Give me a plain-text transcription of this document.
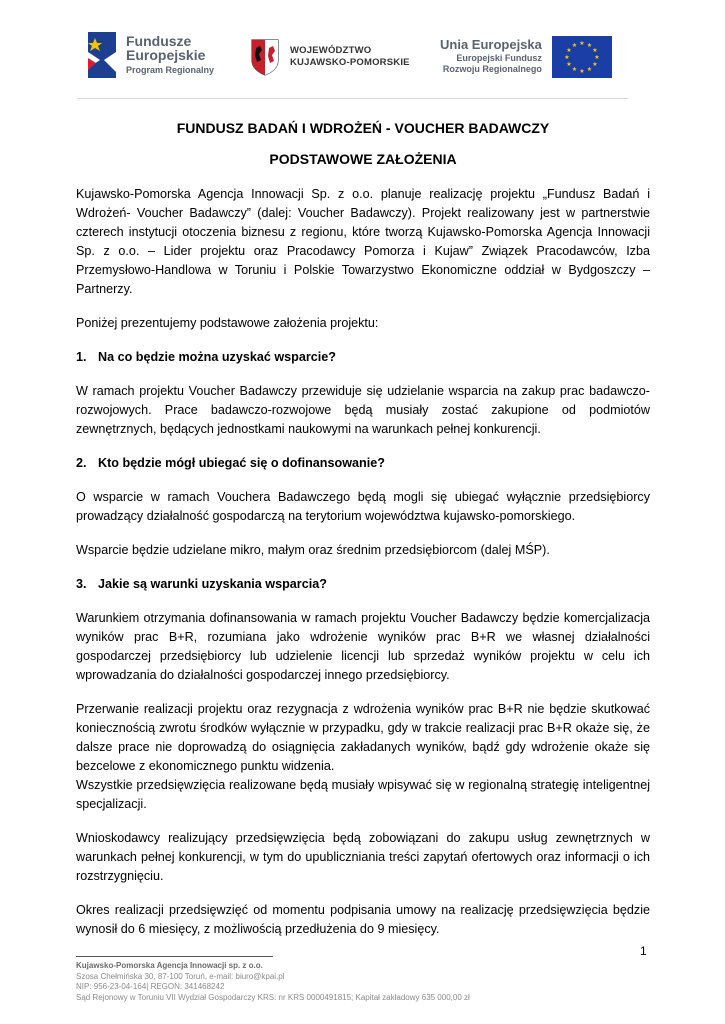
Fundusze
Europejskie
Program Regionalny
WOJEWÓDZTWO
KUJAWSKO-POMORSKIE
Unia Europejska
Europejski Fundusz
Rozwoju Regionalnego
★ ★
★
★
★
★
★
★
★
★
★
★
FUNDUSZ BADAŃ I WDROŻEŃ - VOUCHER BADAWCZY
PODSTAWOWE ZAŁOŻENIA

Kujawsko-Pomorska Agencja Innowacji Sp. z o.o. planuje realizację projektu „Fundusz Badań i Wdrożeń- Voucher Badawczy” (dalej: Voucher Badawczy). Projekt realizowany jest w partnerstwie czterech instytucji otoczenia biznesu z regionu, które tworzą Kujawsko-Pomorska Agencja Innowacji Sp. z o.o. – Lider projektu oraz Pracodawcy Pomorza i Kujaw” Związek Pracodawców, Izba Przemysłowo-Handlowa w Toruniu i Polskie Towarzystwo Ekonomiczne oddział w Bydgoszczy – Partnerzy.

Poniżej prezentujemy podstawowe założenia projektu:

1. Na co będzie można uzyskać wsparcie?

W ramach projektu Voucher Badawczy przewiduje się udzielanie wsparcia na zakup prac badawczo-rozwojowych. Prace badawczo-rozwojowe będą musiały zostać zakupione od podmiotów zewnętrznych, będących jednostkami naukowymi na warunkach pełnej konkurencji.

2. Kto będzie mógł ubiegać się o dofinansowanie?

O wsparcie w ramach Vouchera Badawczego będą mogli się ubiegać wyłącznie przedsiębiorcy prowadzący działalność gospodarczą na terytorium województwa kujawsko-pomorskiego.

Wsparcie będzie udzielane mikro, małym oraz średnim przedsiębiorcom (dalej MŚP).

3. Jakie są warunki uzyskania wsparcia?

Warunkiem otrzymania dofinansowania w ramach projektu Voucher Badawczy będzie komercjalizacja wyników prac B+R, rozumiana jako wdrożenie wyników prac B+R we własnej działalności gospodarczej przedsiębiorcy lub udzielenie licencji lub sprzedaż wyników projektu w celu ich wprowadzania do działalności gospodarczej innego przedsiębiorcy.

Przerwanie realizacji projektu oraz rezygnacja z wdrożenia wyników prac B+R nie będzie skutkować koniecznością zwrotu środków wyłącznie w przypadku, gdy w trakcie realizacji prac B+R okaże się, że dalsze prace nie doprowadzą do osiągnięcia zakładanych wyników, bądź gdy wdrożenie okaże się bezcelowe z ekonomicznego punktu widzenia.

Wszystkie przedsięwzięcia realizowane będą musiały wpisywać się w regionalną strategię inteligentnej specjalizacji.

Wnioskodawcy realizujący przedsięwzięcia będą zobowiązani do zakupu usług zewnętrznych w warunkach pełnej konkurencji, w tym do upubliczniania treści zapytań ofertowych oraz informacji o ich rozstrzygnięciu.

Okres realizacji przedsięwzięć od momentu podpisania umowy na realizację przedsięwzięcia będzie wynosił do 6 miesięcy, z możliwością przedłużenia do 9 miesięcy.

1
Kujawsko-Pomorska Agencja Innowacji sp. z o.o.
Szosa Chełmińska 30, 87-100 Toruń, e-mail: biuro@kpai.pl
NIP: 956-23-04-164| REGON: 341468242
Sąd Rejonowy w Toruniu VII Wydział Gospodarczy KRS: nr KRS 0000491815; Kapitał zakładowy 635 000,00 zł
